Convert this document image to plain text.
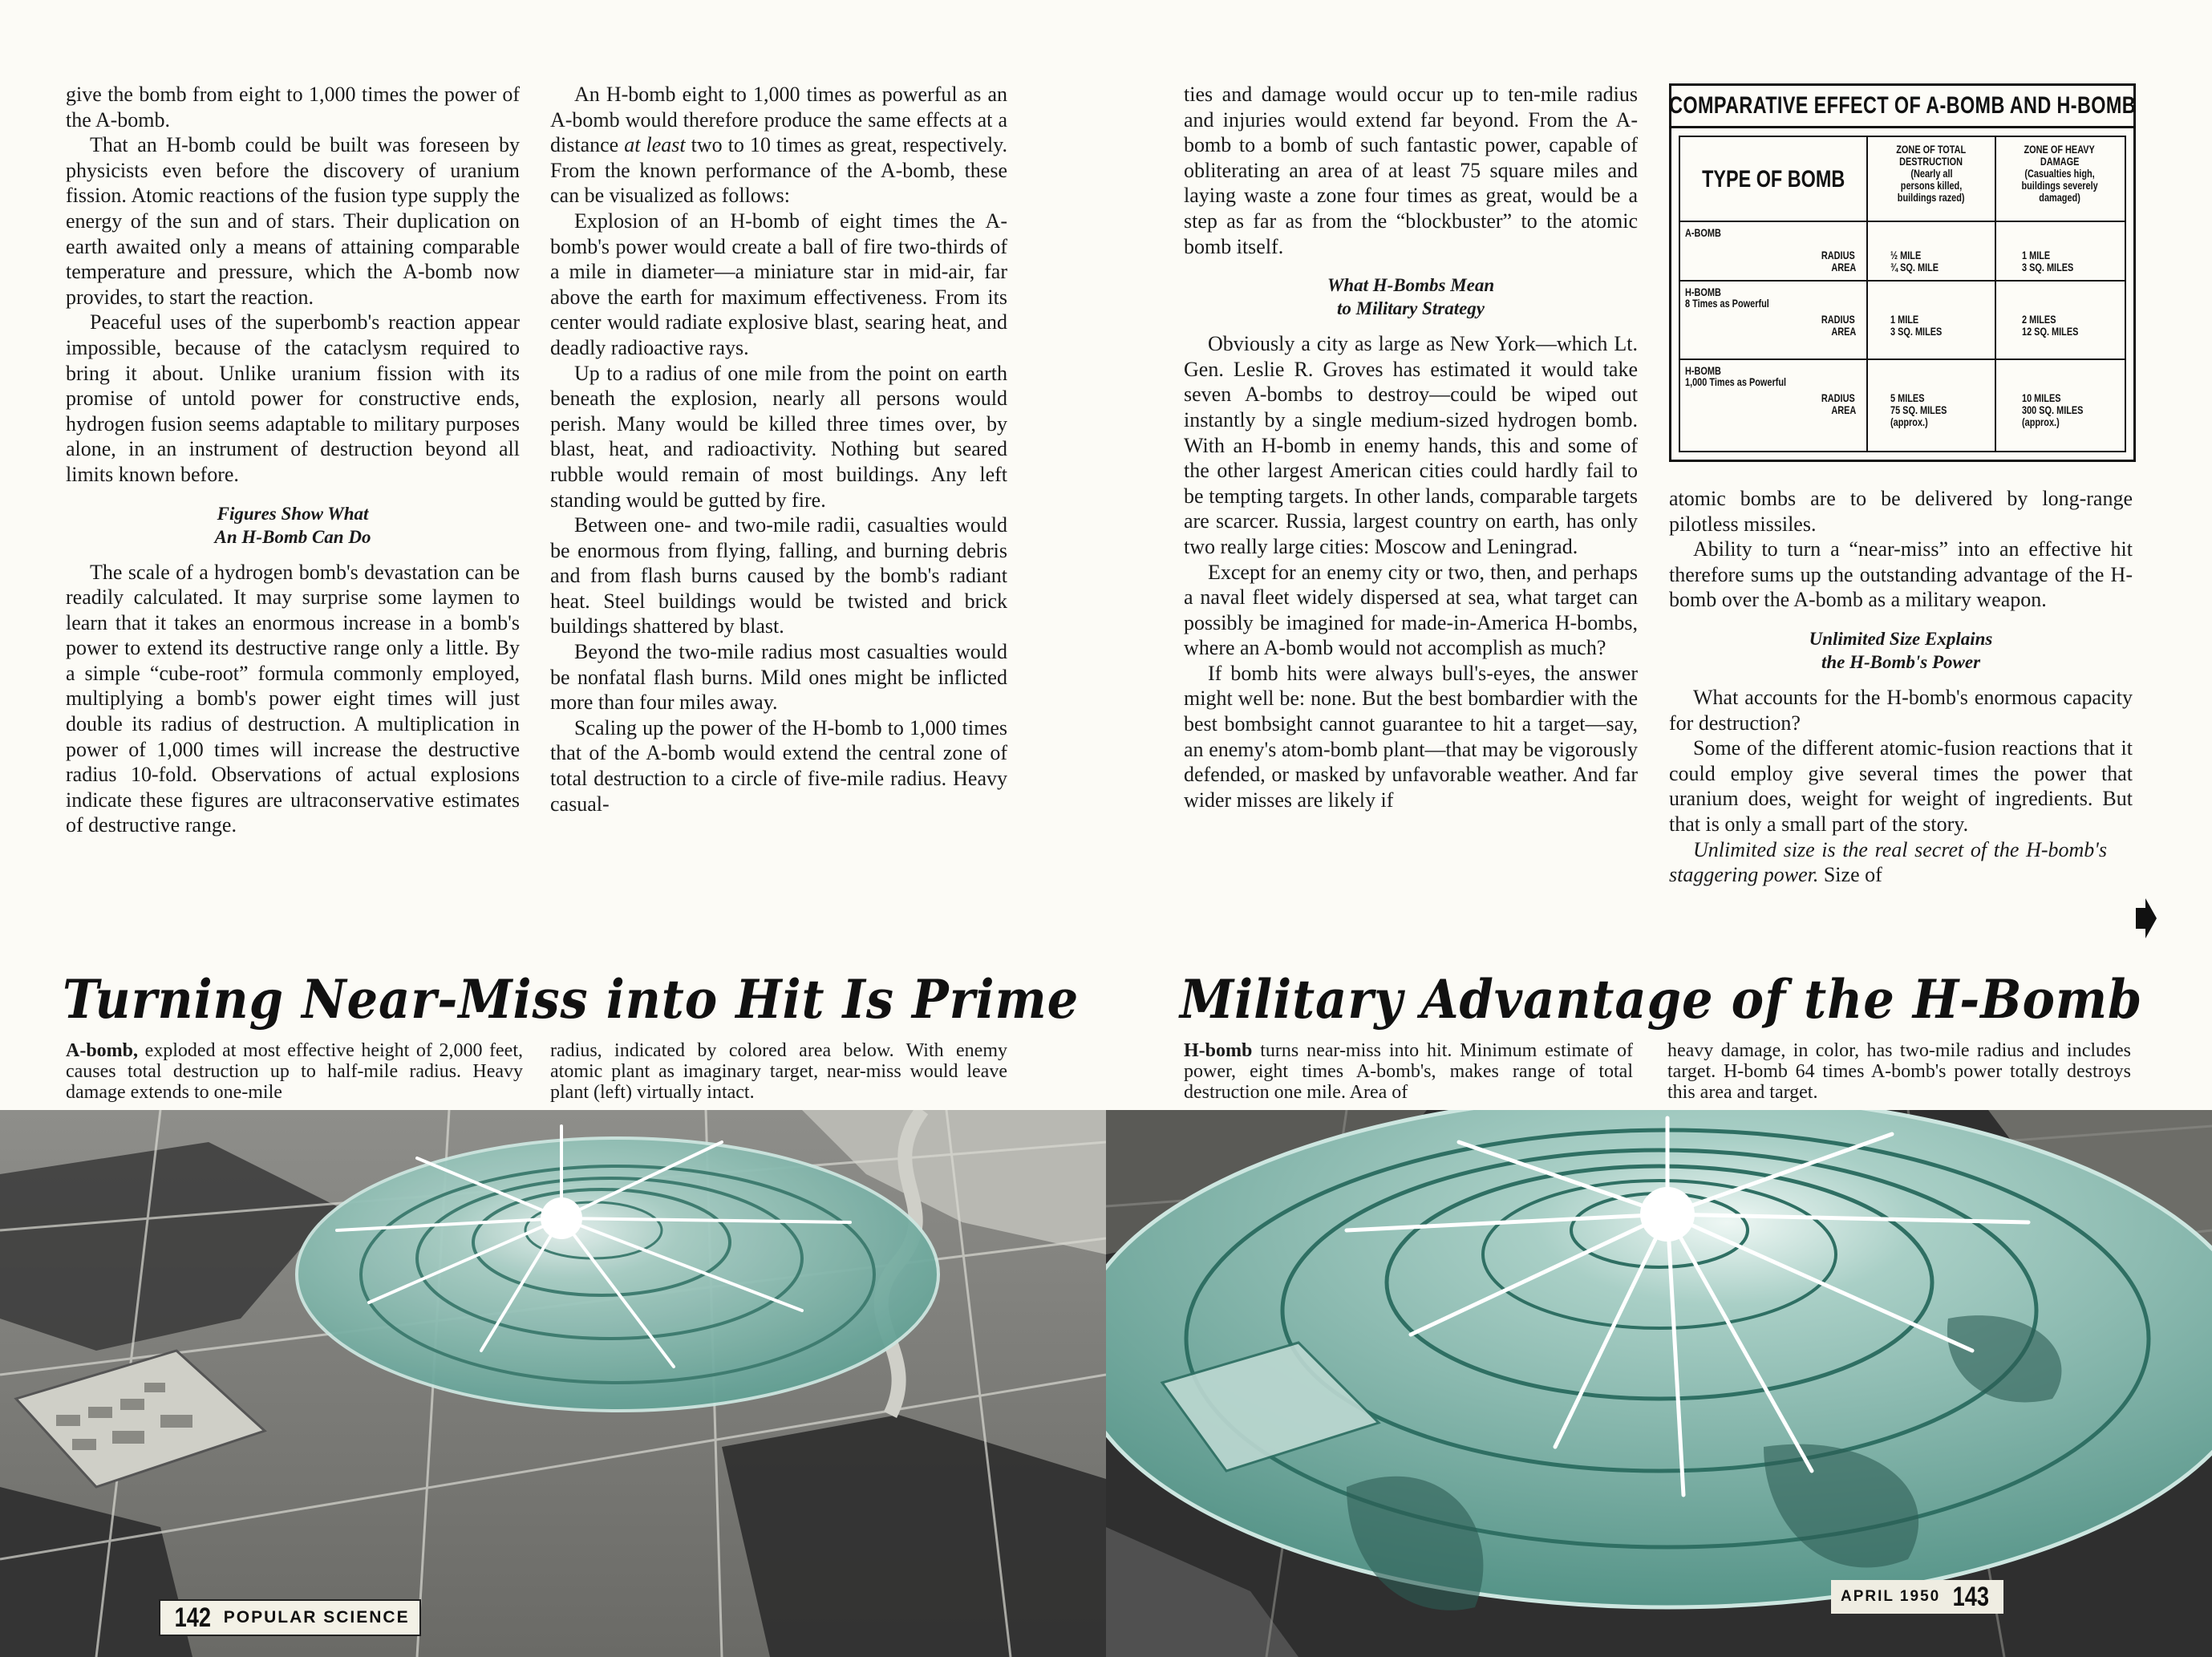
give the bomb from eight to 1,000 times the power of the A-bomb.

That an H-bomb could be built was foreseen by physicists even before the discovery of uranium fission. Atomic reactions of the fusion type supply the energy of the sun and of stars. Their duplication on earth awaited only a means of attaining comparable temperature and pressure, which the A-bomb now provides, to start the reaction.

Peaceful uses of the superbomb's reaction appear impossible, because of the cataclysm required to bring it about. Unlike uranium fission with its promise of untold power for constructive ends, hydrogen fusion seems adaptable to military purposes alone, in an instrument of destruction beyond all limits known before.

Figures Show What
An H-Bomb Can Do

The scale of a hydrogen bomb's devastation can be readily calculated. It may surprise some laymen to learn that it takes an enormous increase in a bomb's power to extend its destructive range only a little. By a simple “cube-root” formula commonly employed, multiplying a bomb's power eight times will just double its radius of destruction. A multiplication in power of 1,000 times will increase the destructive radius 10-fold. Observations of actual explosions indicate these figures are ultraconservative estimates of destructive range.

An H-bomb eight to 1,000 times as powerful as an A-bomb would therefore produce the same effects at a distance at least two to 10 times as great, respectively. From the known performance of the A-bomb, these can be visualized as follows:

Explosion of an H-bomb of eight times the A-bomb's power would create a ball of fire two-thirds of a mile in diameter—a miniature star in mid-air, far above the earth for maximum effectiveness. From its center would radiate explosive blast, searing heat, and deadly radioactive rays.

Up to a radius of one mile from the point on earth beneath the explosion, nearly all persons would perish. Many would be killed three times over, by blast, heat, and radioactivity. Nothing but seared rubble would remain of most buildings. Any left standing would be gutted by fire.

Between one- and two-mile radii, casualties would be enormous from flying, falling, and burning debris and from flash burns caused by the bomb's radiant heat. Steel buildings would be twisted and brick buildings shattered by blast.

Beyond the two-mile radius most casualties would be nonfatal flash burns. Mild ones might be inflicted more than four miles away.

Scaling up the power of the H-bomb to 1,000 times that of the A-bomb would extend the central zone of total destruction to a circle of five-mile radius. Heavy casual-

Turning Near-Miss into Hit Is Prime
A-bomb, exploded at most effective height of 2,000 feet, causes total destruction up to half-mile radius. Heavy damage extends to one-mile
radius, indicated by colored area below. With enemy atomic plant as imaginary target, near-miss would leave plant (left) virtually intact.
142 POPULAR SCIENCE

ties and damage would occur up to ten-mile radius and injuries would extend far beyond. From the A-bomb to a bomb of such fantastic power, capable of obliterating an area of at least 75 square miles and laying waste a zone four times as great, would be a step as far as from the “blockbuster” to the atomic bomb itself.

What H-Bombs Mean
to Military Strategy

Obviously a city as large as New York—which Lt. Gen. Leslie R. Groves has estimated it would take seven A-bombs to destroy—could be wiped out instantly by a single medium-sized hydrogen bomb. With an H-bomb in enemy hands, this and some of the other largest American cities could hardly fail to be tempting targets. In other lands, comparable targets are scarcer. Russia, largest country on earth, has only two really large cities: Moscow and Leningrad.

Except for an enemy city or two, then, and perhaps a naval fleet widely dispersed at sea, what target can possibly be imagined for made-in-America H-bombs, where an A-bomb would not accomplish as much?

If bomb hits were always bull's-eyes, the answer might well be: none. But the best bombardier with the best bombsight cannot guarantee to hit a target—say, an enemy's atom-bomb plant—that may be vigorously defended, or masked by unfavorable weather. And far wider misses are likely if

COMPARATIVE EFFECT OF A-BOMB AND H-BOMB
TYPE OF BOMB
ZONE OF TOTAL
DESTRUCTION
(Nearly all
persons killed,
buildings razed)
ZONE OF HEAVY
DAMAGE
(Casualties high,
buildings severely
damaged)
A-BOMB
RADIUS
AREA
½ MILE
¾ SQ. MILE

1 MILE
3 SQ. MILES

H-BOMB
8 Times as Powerful
RADIUS
AREA
1 MILE
3 SQ. MILES

2 MILES
12 SQ. MILES

H-BOMB
1,000 Times as Powerful
RADIUS
AREA
5 MILES
75 SQ. MILES
(approx.)
10 MILES
300 SQ. MILES
(approx.)

atomic bombs are to be delivered by long-range pilotless missiles.

Ability to turn a “near-miss” into an effective hit therefore sums up the outstanding advantage of the H-bomb over the A-bomb as a military weapon.

Unlimited Size Explains
the H-Bomb's Power

What accounts for the H-bomb's enormous capacity for destruction?

Some of the different atomic-fusion reactions that it could employ give several times the power that uranium does, weight for weight of ingredients. But that is only a small part of the story.

Unlimited size is the real secret of the H-bomb's staggering power. Size of

Military Advantage of the H-Bomb
H-bomb turns near-miss into hit. Minimum estimate of power, eight times A-bomb's, makes range of total destruction one mile. Area of
heavy damage, in color, has two-mile radius and includes target. H-bomb 64 times A-bomb's power totally destroys this area and target.
APRIL 1950 143
